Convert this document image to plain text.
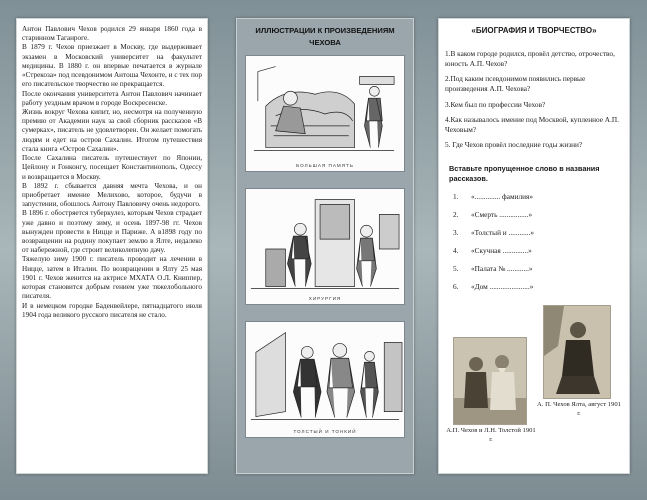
Антон Павлович Чехов родился 29 января 1860 года в старинном Таганроге.

В 1879 г. Чехов приезжает в Москву, где выдерживает экзамен в Московский университет на факультет медицины. В 1880 г. он впервые печатается в журнале «Стрекоза» под псевдонимом Антоша Чехонте, и с тех пор его писательское творчество не прекращается.

После окончания университета Антон Павлович начинает работу уездным врачом в городе Воскресенске.

Жизнь вокруг Чехова кипит, но, несмотря на полученную премию от Академии наук за свой сборник рассказов «В сумерках», писатель не удовлетворен. Он желает помогать людям и едет на остров Сахалин. Итогом путешествия стала книга «Остров Сахалин».

После Сахалина писатель путешествует по Японии, Цейлону и Гонконгу, посещает Константинополь, Одессу и возвращается в Москву.

В 1892 г. сбывается давняя мечта Чехова, и он приобретает имение Мелихово, которое, будучи в запустении, обошлось Антону Павловичу очень недорого.

В 1896 г. обостряется туберкулез, которым Чехов страдает уже давно и поэтому зиму, и осень 1897-98 гг. Чехов вынужден провести в Ницце и Париже. А в1898 году по возвращении на родину покупает землю в Ялте, недалеко от набережной, где строит великолепную дачу.

Тяжелую зиму 1900 г. писатель проводит на лечении в Ницце, затем в Италии. По возвращении в Ялту 25 мая 1901 г. Чехов женится на актрисе МХАТА О.Л. Книппер, которая становится добрым гением уже тяжелобольного писателя.

И в немецком городке Баденвейлере, пятнадцатого июля 1904 года великого русского писателя не стало.

ИЛЛЮСТРАЦИИ К ПРОИЗВЕДЕНИЯМ ЧЕХОВА
БОЛЬШАЯ ПАМЯТЬ
ХИРУРГИЯ
ТОЛСТЫЙ И ТОНКИЙ
«БИОГРАФИЯ И ТВОРЧЕСТВО»
1.В каком городе родился, провёл детство, отрочество, юность А.П. Чехов?
2.Под каким псевдонимом появились первые произведения А.П. Чехова?
3.Кем был по профессии Чехов?
4.Как называлось имение под Москвой, купленное А.П. Чеховым?
5. Где Чехов провёл последние годы жизни?
Вставьте пропущенное слово в названия рассказов.
1.	«.............. фамилия»
2.	«Смерть ................»
3.	«Толстый и ............»
4.	«Скучная ..............»
5.	«Палата № ............»
6.	«Дом ......................»
А.П. Чехов и Л.Н. Толстой 1901 г.
А. П. Чехов Ялта, август 1901 г.
